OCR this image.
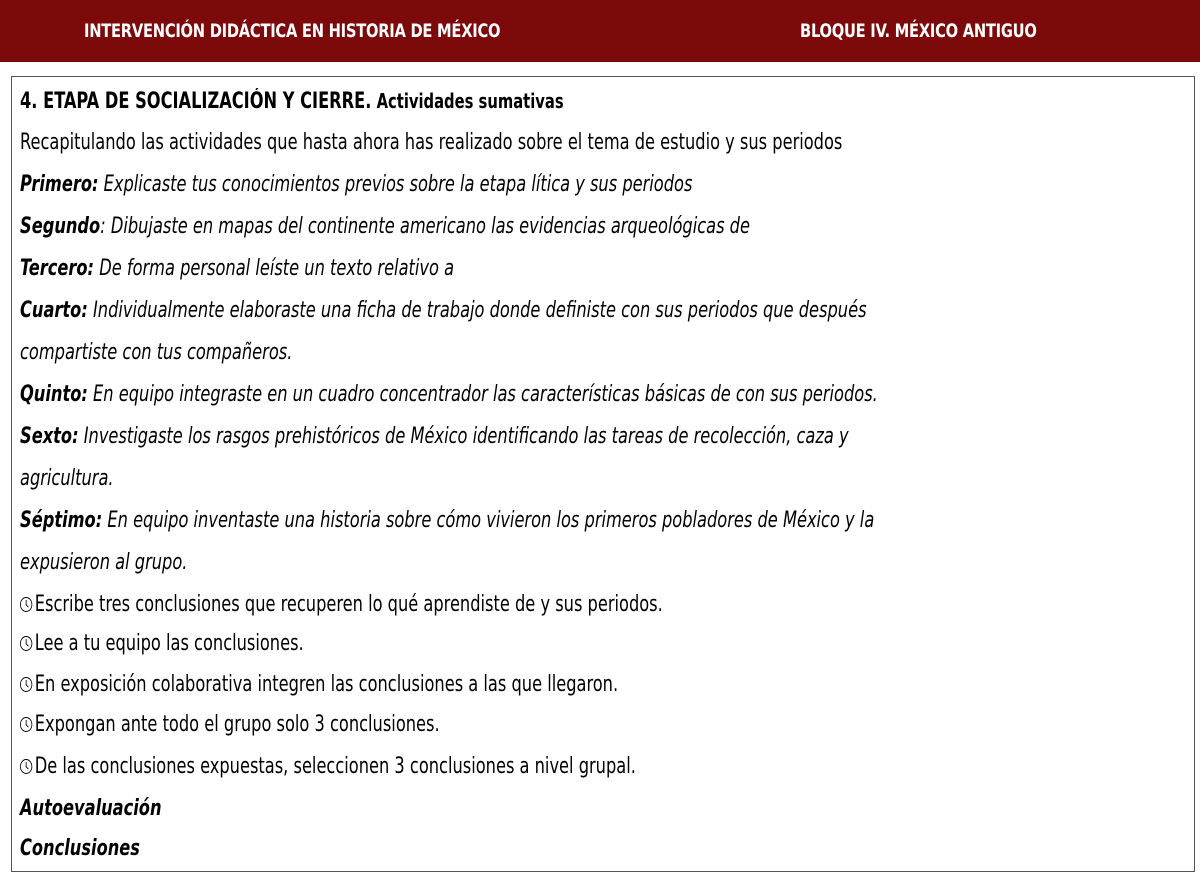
INTERVENCIÓN DIDÁCTICA EN HISTORIA DE MÉXICO	BLOQUE IV. MÉXICO ANTIGUO
4. ETAPA DE SOCIALIZACIÓN Y CIERRE. Actividades sumativas
Recapitulando las actividades que hasta ahora has realizado sobre el tema de estudio y sus periodos
Primero: Explicaste tus conocimientos previos sobre la etapa lítica y sus periodos
Segundo: Dibujaste en mapas del continente americano las evidencias arqueológicas de
Tercero: De forma personal leíste un texto relativo a
Cuarto: Individualmente elaboraste una ficha de trabajo donde definiste con sus periodos que después
compartiste con tus compañeros.
Quinto: En equipo integraste en un cuadro concentrador las características básicas de con sus periodos.
Sexto: Investigaste los rasgos prehistóricos de México identificando las tareas de recolección, caza y
agricultura.
Séptimo: En equipo inventaste una historia sobre cómo vivieron los primeros pobladores de México y la
expusieron al grupo.
Escribe tres conclusiones que recuperen lo qué aprendiste de y sus periodos.
Lee a tu equipo las conclusiones.
En exposición colaborativa integren las conclusiones a las que llegaron.
Expongan ante todo el grupo solo 3 conclusiones.
De las conclusiones expuestas, seleccionen 3 conclusiones a nivel grupal.
Autoevaluación
Conclusiones
